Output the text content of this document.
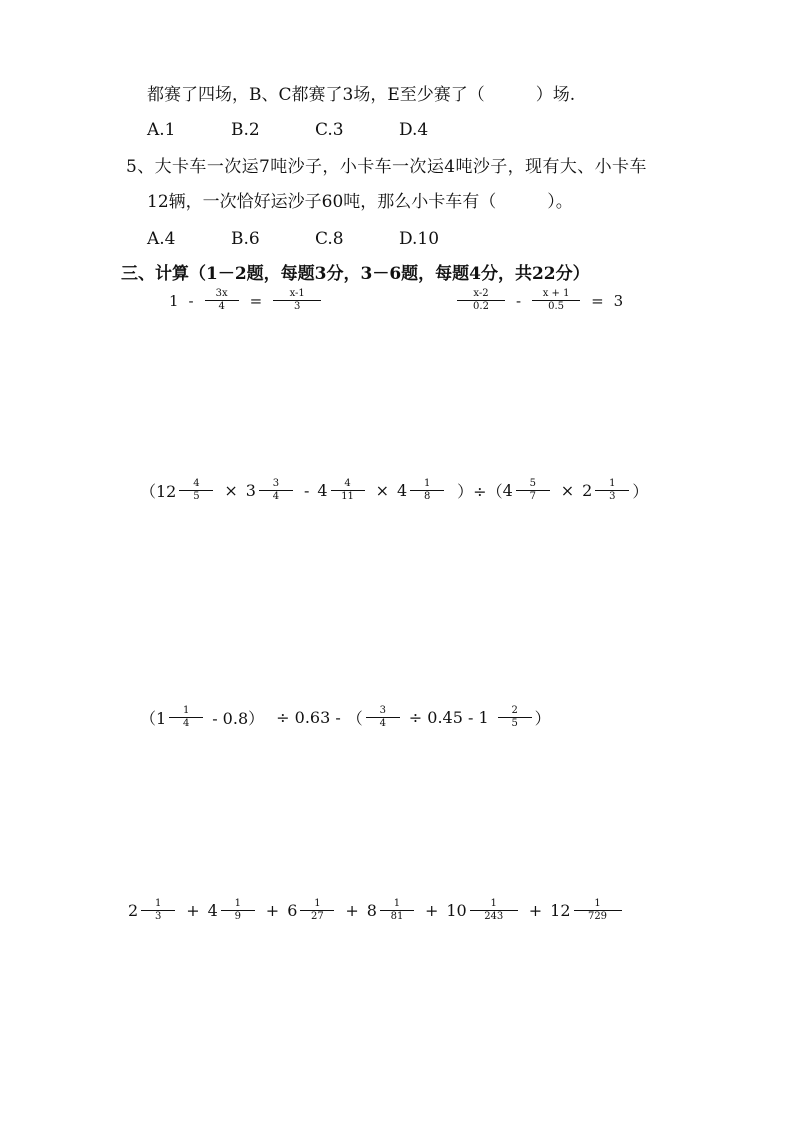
都赛了四场，B、C都赛了3场，E至少赛了（　　　）场.
A.1	B.2	C.3	D.4
5、大卡车一次运7吨沙子，小卡车一次运4吨沙子，现有大、小卡车
12辆，一次恰好运沙子60吨，那么小卡车有（　　　）。
A.4	B.6	C.8	D.10
三、计算（1－2题，每题3分，3－6题，每题4分，共22分）
$1 - \frac{3x}{4} = \frac{x-1}{3}$	$\frac{x-2}{0.2} - \frac{x + 1}{0.5} = 3$
（$12 \frac{4}{5} \times 3 \frac{3}{4} - 4 \frac{4}{11} \times 4 \frac{1}{8}$ ）÷（ $4 \frac{5}{7} \times 2 \frac{1}{3}$ ）
$(1 \frac{1}{4} - 0.8) \div 0.63$ - （ $\frac{3}{4} \div 0.45 - 1 \frac{2}{5}$ ）
$2 \frac{1}{3} + 4 \frac{1}{9} + 6 \frac{1}{27} + 8 \frac{1}{81} + 10 \frac{1}{243} + 12 \frac{1}{729}$
